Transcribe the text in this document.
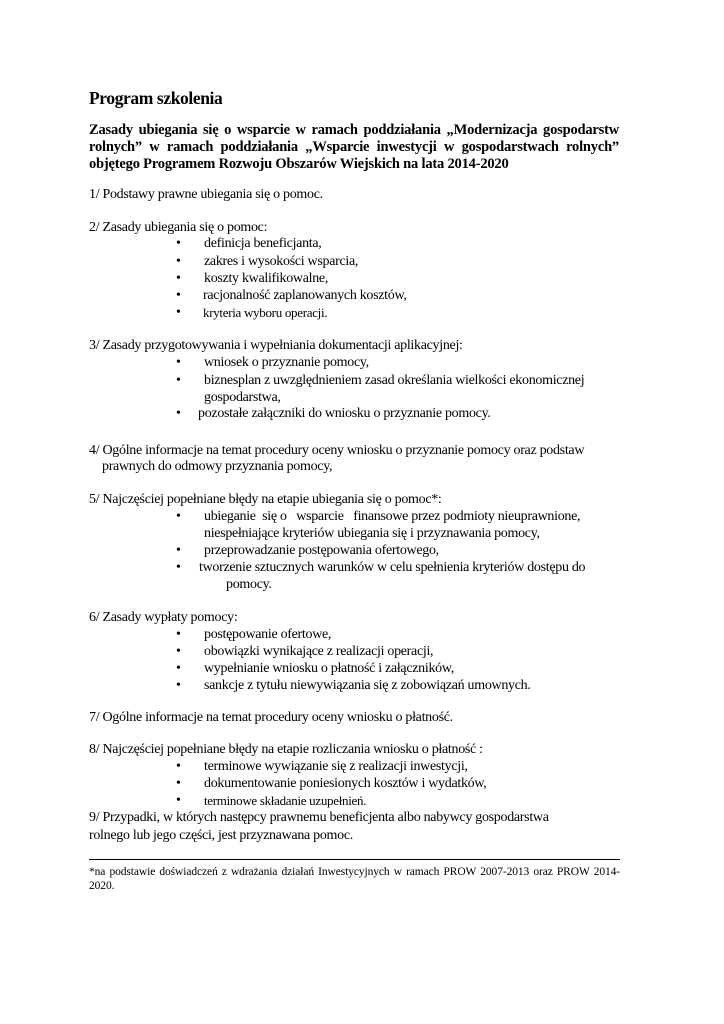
Program szkolenia
Zasady ubiegania się o wsparcie w ramach poddziałania „Modernizacja gospodarstw rolnych” w ramach poddziałania „Wsparcie inwestycji w gospodarstwach rolnych” objętego Programem Rozwoju Obszarów Wiejskich na lata 2014-2020
1/ Podstawy prawne ubiegania się o pomoc.
2/ Zasady ubiegania się o pomoc:
• definicja beneficjanta,
• zakres i wysokości wsparcia,
• koszty kwalifikowalne,
• racjonalność zaplanowanych kosztów,
• kryteria wyboru operacji.
3/ Zasady przygotowywania i wypełniania dokumentacji aplikacyjnej:
• wniosek o przyznanie pomocy,
• biznesplan z uwzględnieniem zasad określania wielkości ekonomicznej
gospodarstwa,
• pozostałe załączniki do wniosku o przyznanie pomocy.
4/ Ogólne informacje na temat procedury oceny wniosku o przyznanie pomocy oraz podstaw
prawnych do odmowy przyznania pomocy,
5/ Najczęściej popełniane błędy na etapie ubiegania się o pomoc*:
• ubieganie  się o   wsparcie   finansowe przez podmioty nieuprawnione,
niespełniające kryteriów ubiegania się i przyznawania pomocy,
• przeprowadzanie postępowania ofertowego,
• tworzenie sztucznych warunków w celu spełnienia kryteriów dostępu do
pomocy.
6/ Zasady wypłaty pomocy:
• postępowanie ofertowe,
• obowiązki wynikające z realizacji operacji,
• wypełnianie wniosku o płatność i załączników,
• sankcje z tytułu niewywiązania się z zobowiązań umownych.
7/ Ogólne informacje na temat procedury oceny wniosku o płatność.
8/ Najczęściej popełniane błędy na etapie rozliczania wniosku o płatność :
• terminowe wywiązanie się z realizacji inwestycji,
• dokumentowanie poniesionych kosztów i wydatków,
• terminowe składanie uzupełnień.
9/ Przypadki, w których następcy prawnemu beneficjenta albo nabywcy gospodarstwa
rolnego lub jego części, jest przyznawana pomoc.
*na podstawie doświadczeń z wdrażania działań Inwestycyjnych w ramach PROW 2007-2013 oraz PROW 2014-2020.
